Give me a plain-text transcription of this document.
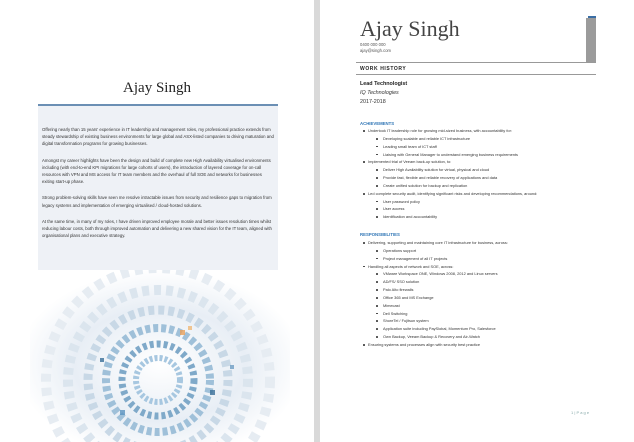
Ajay Singh

Offering nearly than 15 years' experience in IT leadership and management roles, my professional practice extends from steady stewardship of existing business environments for large global and ASX-listed companies to driving maturation and digital transformation programs for growing businesses.

Amongst my career highlights have been the design and build of complete new High Availability virtualised environments including (with end-to-end KPI migrations for large cohorts of users), the introduction of layered coverage for on-call resources with VPN and MS access for IT team members and the overhaul of full SOE and networks for businesses exiting start-up phase.

Strong problem-solving skills have seen me resolve intractable issues from security and resilience gaps to migration from legacy systems and implementation of emerging virtualised / cloud-hosted solutions.

At the same time, in many of my roles, I have driven improved employee morale and better issues resolution times whilst reducing labour costs, both through improved automation and delivering a new shared vision for the IT team, aligned with organisational plans and executive strategy.

Ajay Singh
0400 000 000
ajay@singh.com
WORK HISTORY
Lead Technologist
IQ Technologies
2017-2018
ACHIEVEMENTS
Undertook IT leadership role for growing mid-sized business, with accountability for:
Developing scalable and reliable ICT infrastructure
Leading small team of ICT staff
Liaising with General Manager to understand emerging business requirements
Implemented trial of Veeam back-up solution, to:
Deliver High Availability solution for virtual, physical and cloud
Provide fast, flexible and reliable recovery of applications and data
Create unified solution for backup and replication
Led complete security audit, identifying significant risks and developing recommendations, around:
User password policy
User access
Identification and accountability
RESPONSIBILITIES
Delivering, supporting and maintaining core IT infrastructure for business, across:
Operations support
Project management of all IT projects
Handling all aspects of network and SOE, across:
VMware Workspace ONE, Windows 2008, 2012 and Linux servers
AD/FS/ SSO solution
Palo Alto firewalls
Office 365 and MS Exchange
Mimecast
Dell Switching
ShoreTel / Fujitsun system
Application suite including PaySlobal, Momentum Pro, Salesforce
Own Backup, Veeam Backup & Recovery and Air-Watch
Ensuring systems and processes align with security best practice
1 | P a g e
